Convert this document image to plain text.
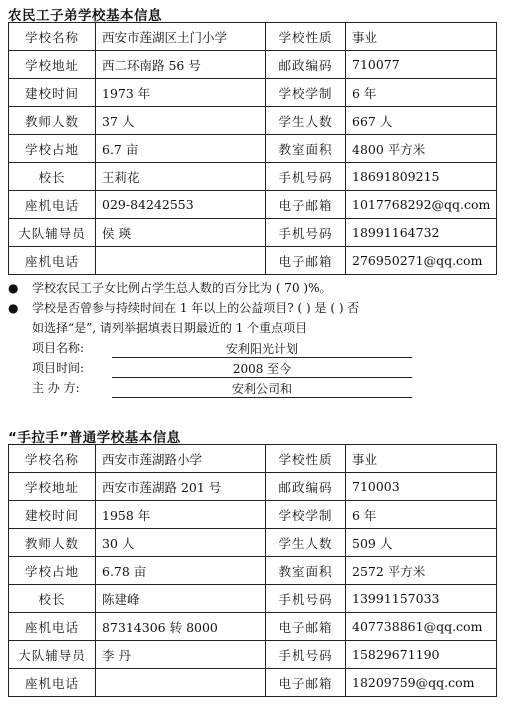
农民工子弟学校基本信息
学校名称	西安市莲湖区土门小学	学校性质	事业
学校地址	西二环南路 56 号	邮政编码	710077
建校时间	1973 年	学校学制	6 年
教师人数	37 人	学生人数	667 人
学校占地	6.7 亩	教室面积	4800 平方米
校长	王莉花	手机号码	18691809215
座机电话	029-84242553	电子邮箱	1017768292@qq.com
大队辅导员	侯 瑛	手机号码	18991164732
座机电话		电子邮箱	276950271@qq.com
●	学校农民工子女比例占学生总人数的百分比为 ( 70 )%。
●	学校是否曾参与持续时间在 1 年以上的公益项目? ( ) 是 ( ) 否
如选择“是”, 请列举据填表日期最近的 1 个重点项目
项目名称:	安利阳光计划
项目时间:	2008 至今
主 办 方:	安利公司和
“手拉手”普通学校基本信息
学校名称	西安市莲湖路小学	学校性质	事业
学校地址	西安市莲湖路 201 号	邮政编码	710003
建校时间	1958 年	学校学制	6 年
教师人数	30 人	学生人数	509 人
学校占地	6.78 亩	教室面积	2572 平方米
校长	陈建峰	手机号码	13991157033
座机电话	87314306 转 8000	电子邮箱	407738861@qq.com
大队辅导员	李 丹	手机号码	15829671190
座机电话		电子邮箱	18209759@qq.com
